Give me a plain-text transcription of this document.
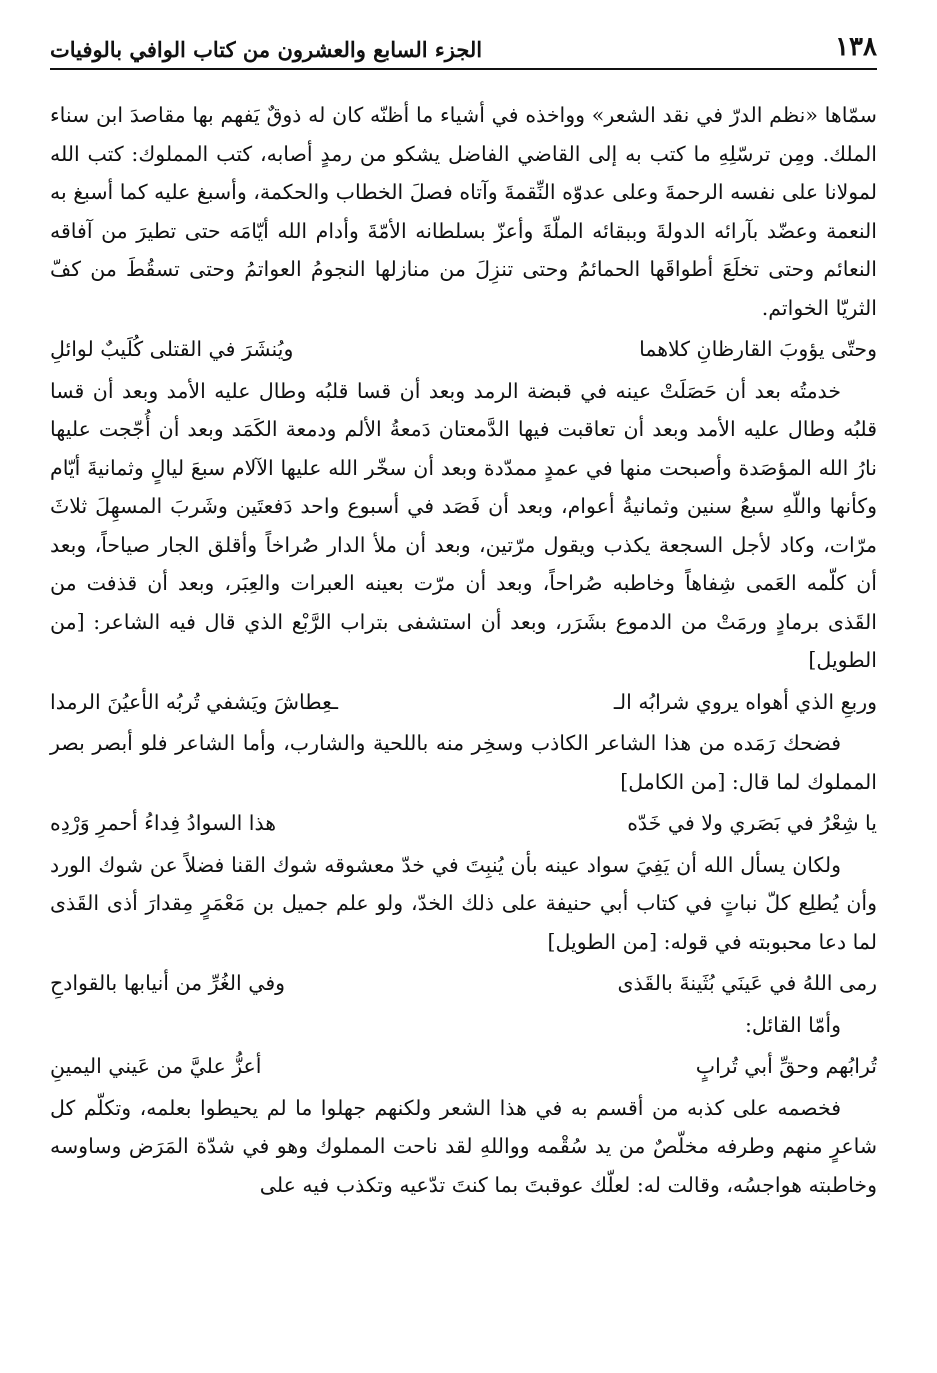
١٣٨
الجزء السابع والعشرون من كتاب الوافي بالوفيات

سمّاها «نظم الدرّ في نقد الشعر» وواخذه في أشياء ما أظنّه كان له ذوقٌ يَفهم بها مقاصدَ ابن سناء الملك. ومِن ترسّلِهِ ما كتب به إلى القاضي الفاضل يشكو من رمدٍ أصابه، كتب المملوك: كتب الله لمولانا على نفسه الرحمةَ وعلى عدوّه النِّقمةَ وآتاه فصلَ الخطاب والحكمة، وأسبغ عليه كما أسبغ به النعمة وعضّد بآرائه الدولةَ وببقائه الملّةَ وأعزّ بسلطانه الأمّةَ وأدام الله أيّامَه حتى تطيرَ من آفاقه النعائم وحتى تخلَعَ أطواقَها الحمائمُ وحتى تنزِلَ من منازلها النجومُ العواتمُ وحتى تسقُطَ من كفّ الثريّا الخواتم.

وحتّى يؤوبَ القارظانِ كلاهما
ويُنشَرَ في القتلى كُلَيبٌ لوائلِ

خدمتُه بعد أن حَصَلَتْ عينه في قبضة الرمد وبعد أن قسا قلبُه وطال عليه الأمد وبعد أن قسا قلبُه وطال عليه الأمد وبعد أن تعاقبت فيها الدَّمعتان دَمعةُ الألم ودمعة الكَمَد وبعد أن أُجّجت عليها نارُ الله المؤصَدة وأصبحت منها في عمدٍ ممدّدة وبعد أن سخّر الله عليها الآلام سبعَ ليالٍ وثمانيةَ أيّام وكأنها واللّهِ سبعُ سنين وثمانيةُ أعوام، وبعد أن فَصَد في أسبوع واحد دَفعتَين وشَربَ المسهِلَ ثلاثَ مرّات، وكاد لأجل السجعة يكذب ويقول مرّتين، وبعد أن ملأ الدار صُراخاً وأقلق الجار صياحاً، وبعد أن كلّمه العَمى شِفاهاً وخاطبه صُراحاً، وبعد أن مرّت بعينه العبرات والعِبَر، وبعد أن قذفت من القَذى برمادٍ ورمَتْ من الدموع بشَرَر، وبعد أن استشفى بتراب الرَّبْع الذي قال فيه الشاعر: [من الطويل]

وربعِ الذي أهواه يروي شرابُه الـ
ـعِطاشَ ويَشفي تُربُه الأعيُنَ الرمدا

فضحك رَمَده من هذا الشاعر الكاذب وسخِر منه باللحية والشارب، وأما الشاعر فلو أبصر بصر المملوك لما قال: [من الكامل]

يا شِعْرُ في بَصَري ولا في خَدّه
هذا السوادُ فِداءُ أحمرِ وَرْدِه

ولكان يسأل الله أن يَفِيَ سواد عينه بأن يُنبِتَ في خدّ معشوقه شوك القنا فضلاً عن شوك الورد وأن يُطلِع كلّ نباتٍ في كتاب أبي حنيفة على ذلك الخدّ، ولو علم جميل بن مَعْمَرٍ مِقدارَ أذى القَذى لما دعا محبوبته في قوله: [من الطويل]

رمى اللهُ في عَينَي بُثَينةَ بالقَذى
وفي الغُرِّ من أنيابها بالقوادحِ

وأمّا القائل:

تُرابُهم وحقِّ أبي تُرابٍ
أعزُّ عليَّ من عَيني اليمينِ

فخصمه على كذبه من أقسم به في هذا الشعر ولكنهم جهلوا ما لم يحيطوا بعلمه، وتكلّم كل شاعرٍ منهم وطرفه مخلّصٌ من يد سُقْمه وواللهِ لقد ناحت المملوك وهو في شدّة المَرَض وساوسه وخاطبته هواجسُه، وقالت له: لعلّك عوقبتَ بما كنتَ تدّعيه وتكذب فيه على
